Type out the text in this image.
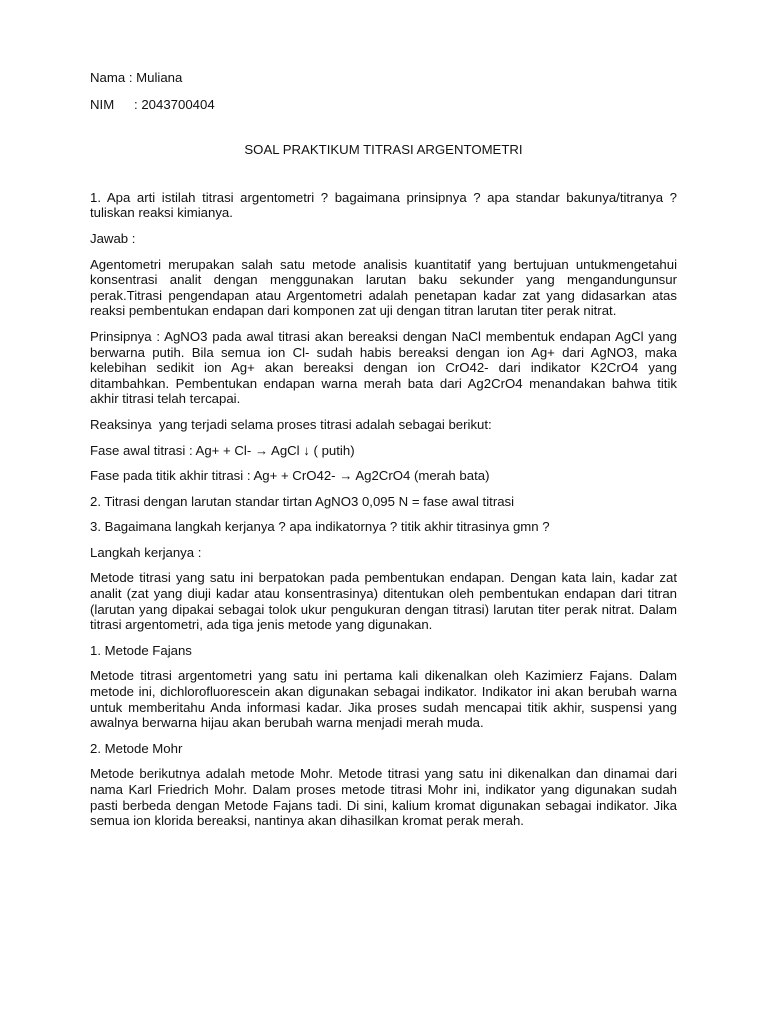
Nama : Muliana
NIM : 2043700404
SOAL PRAKTIKUM TITRASI ARGENTOMETRI

1. Apa arti istilah titrasi argentometri ? bagaimana prinsipnya ? apa standar bakunya/titranya ? tuliskan reaksi kimianya.

Jawab :

Agentometri merupakan salah satu metode analisis kuantitatif yang bertujuan untukmengetahui konsentrasi analit dengan menggunakan larutan baku sekunder yang mengandungunsur perak.Titrasi pengendapan atau Argentometri adalah penetapan kadar zat yang didasarkan atas reaksi pembentukan endapan dari komponen zat uji dengan titran larutan titer perak nitrat.

Prinsipnya : AgNO3 pada awal titrasi akan bereaksi dengan NaCl membentuk endapan AgCl yang berwarna putih. Bila semua ion Cl- sudah habis bereaksi dengan ion Ag+ dari AgNO3, maka kelebihan sedikit ion Ag+ akan bereaksi dengan ion CrO42- dari indikator K2CrO4 yang ditambahkan. Pembentukan endapan warna merah bata dari Ag2CrO4 menandakan bahwa titik akhir titrasi telah tercapai.

Reaksinya  yang terjadi selama proses titrasi adalah sebagai berikut:

Fase awal titrasi : Ag+ + Cl- → AgCl ↓ ( putih)

Fase pada titik akhir titrasi : Ag+ + CrO42- → Ag2CrO4 (merah bata)

2. Titrasi dengan larutan standar tirtan AgNO3 0,095 N = fase awal titrasi

3. Bagaimana langkah kerjanya ? apa indikatornya ? titik akhir titrasinya gmn ?

Langkah kerjanya :

Metode titrasi yang satu ini berpatokan pada pembentukan endapan. Dengan kata lain, kadar zat analit (zat yang diuji kadar atau konsentrasinya) ditentukan oleh pembentukan endapan dari titran (larutan yang dipakai sebagai tolok ukur pengukuran dengan titrasi) larutan titer perak nitrat. Dalam titrasi argentometri, ada tiga jenis metode yang digunakan.

1. Metode Fajans

Metode titrasi argentometri yang satu ini pertama kali dikenalkan oleh Kazimierz Fajans. Dalam metode ini, dichlorofluorescein akan digunakan sebagai indikator. Indikator ini akan berubah warna untuk memberitahu Anda informasi kadar. Jika proses sudah mencapai titik akhir, suspensi yang awalnya berwarna hijau akan berubah warna menjadi merah muda.

2. Metode Mohr

Metode berikutnya adalah metode Mohr. Metode titrasi yang satu ini dikenalkan dan dinamai dari nama Karl Friedrich Mohr. Dalam proses metode titrasi Mohr ini, indikator yang digunakan sudah pasti berbeda dengan Metode Fajans tadi. Di sini, kalium kromat digunakan sebagai indikator. Jika semua ion klorida bereaksi, nantinya akan dihasilkan kromat perak merah.
